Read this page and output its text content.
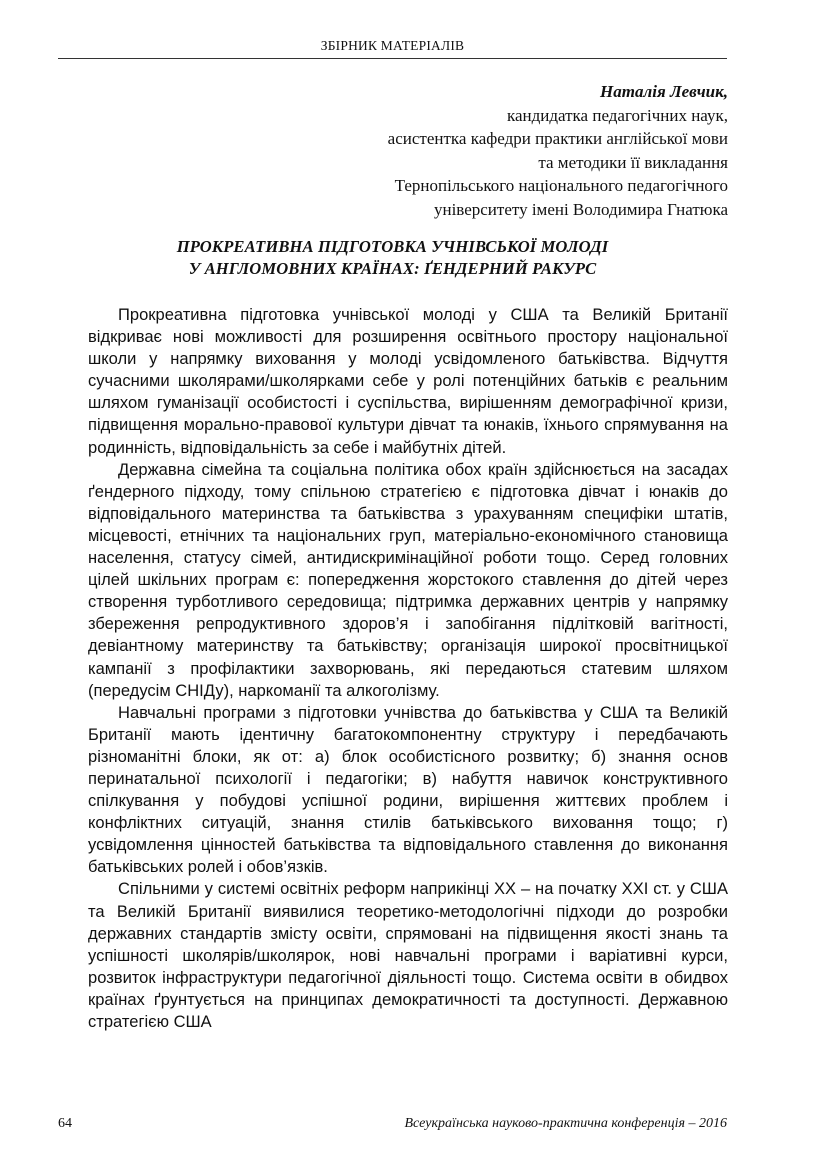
ЗБІРНИК МАТЕРІАЛІВ
Наталія Левчик,
кандидатка педагогічних наук,
асистентка кафедри практики англійської мови
та методики її викладання
Тернопільського національного педагогічного
університету імені Володимира Гнатюка
ПРОКРЕАТИВНА ПІДГОТОВКА УЧНІВСЬКОЇ МОЛОДІ
У АНГЛОМОВНИХ КРАЇНАХ: ҐЕНДЕРНИЙ РАКУРС

Прокреативна підготовка учнівської молоді у США та Великій Британії відкриває нові можливості для розширення освітнього простору національної школи у напрямку виховання у молоді усвідомленого батьківства. Відчуття сучасними школярами/школярками себе у ролі потенційних батьків є реальним шляхом гуманізації особистості і суспільства, вирішенням демографічної кризи, підвищення морально-правової культури дівчат та юнаків, їхнього спрямування на родинність, відповідальність за себе і майбутніх дітей.

Державна сімейна та соціальна політика обох країн здійснюється на засадах ґендерного підходу, тому спільною стратегією є підготовка дівчат і юнаків до відповідального материнства та батьківства з урахуванням специфіки штатів, місцевості, етнічних та національних груп, матеріально-економічного становища населення, статусу сімей, антидискримінаційної роботи тощо. Серед головних цілей шкільних програм є: попередження жорстокого ставлення до дітей через створення турботливого середовища; підтримка державних центрів у напрямку збереження репродуктивного здоров’я і запобігання підлітковій вагітності, девіантному материнству та батьківству; організація широкої просвітницької кампанії з профілактики захворювань, які передаються статевим шляхом (передусім СНІДу), наркоманії та алкоголізму.

Навчальні програми з підготовки учнівства до батьківства у США та Великій Британії мають ідентичну багатокомпонентну структуру і передбачають різноманітні блоки, як от: а) блок особистісного розвитку; б) знання основ перинатальної психології і педагогіки; в) набуття навичок конструктивного спілкування у побудові успішної родини, вирішення життєвих проблем і конфліктних ситуацій, знання стилів батьківського виховання тощо; г) усвідомлення цінностей батьківства та відповідального ставлення до виконання батьківських ролей і обов’язків.

Спільними у системі освітніх реформ наприкінці ХХ – на початку ХХІ ст. у США та Великій Британії виявилися теоретико-методологічні підходи до розробки державних стандартів змісту освіти, спрямовані на підвищення якості знань та успішності школярів/школярок, нові навчальні програми і варіативні курси, розвиток інфраструктури педагогічної діяльності тощо. Система освіти в обидвох країнах ґрунтується на принципах демократичності та доступності. Державною стратегією США

64	Всеукраїнська науково-практична конференція – 2016
